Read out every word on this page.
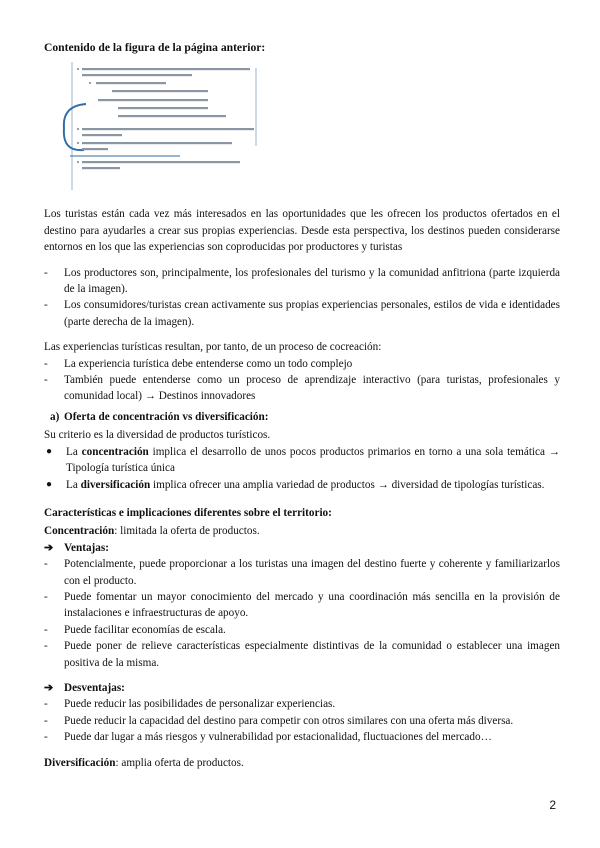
Contenido de la figura de la página anterior:

Los turistas están cada vez más interesados en las oportunidades que les ofrecen los productos ofertados en el destino para ayudarles a crear sus propias experiencias. Desde esta perspectiva, los destinos pueden considerarse entornos en los que las experiencias son coproducidas por productores y turistas

-	Los productores son, principalmente, los profesionales del turismo y la comunidad anfitriona (parte izquierda de la imagen).
-	Los consumidores/turistas crean activamente sus propias experiencias personales, estilos de vida e identidades (parte derecha de la imagen).

Las experiencias turísticas resultan, por tanto, de un proceso de cocreación:

-	La experiencia turística debe entenderse como un todo complejo
-	También puede entenderse como un proceso de aprendizaje interactivo (para turistas, profesionales y comunidad local) → Destinos innovadores
a) Oferta de concentración vs diversificación:

Su criterio es la diversidad de productos turísticos.

●	La concentración implica el desarrollo de unos pocos productos primarios en torno a una sola temática → Tipología turística única
●	La diversificación implica ofrecer una amplia variedad de productos → diversidad de tipologías turísticas.
Características e implicaciones diferentes sobre el territorio:

Concentración: limitada la oferta de productos.

➔ Ventajas:
-	Potencialmente, puede proporcionar a los turistas una imagen del destino fuerte y coherente y familiarizarlos con el producto.
-	Puede fomentar un mayor conocimiento del mercado y una coordinación más sencilla en la provisión de instalaciones e infraestructuras de apoyo.
-	Puede facilitar economías de escala.
-	Puede poner de relieve características especialmente distintivas de la comunidad o establecer una imagen positiva de la misma.
➔ Desventajas:
-	Puede reducir las posibilidades de personalizar experiencias.
-	Puede reducir la capacidad del destino para competir con otros similares con una oferta más diversa.
-	Puede dar lugar a más riesgos y vulnerabilidad por estacionalidad, fluctuaciones del mercado…

Diversificación: amplia oferta de productos.

2
